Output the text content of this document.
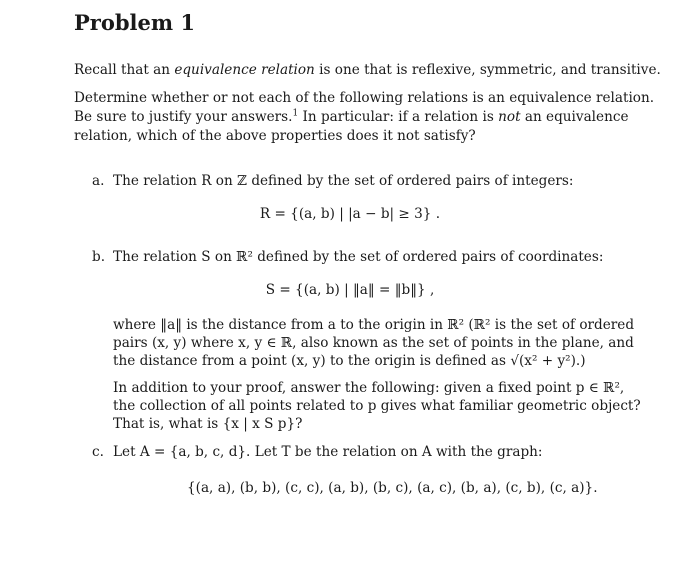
Problem 1
Recall that an equivalence relation is one that is reflexive, symmetric, and transitive.
Determine whether or not each of the following relations is an equivalence relation.
Be sure to justify your answers.$^1$ In particular: if a relation is not an equivalence
relation, which of the above properties does it not satisfy?
a. The relation R on ℤ defined by the set of ordered pairs of integers:
R = {(a, b) | |a − b| ≥ 3} .
b. The relation S on ℝ² defined by the set of ordered pairs of coordinates:
S = {(a, b) | ‖a‖ = ‖b‖} ,
where ‖a‖ is the distance from a to the origin in ℝ² (ℝ² is the set of ordered
pairs (x, y) where x, y ∈ ℝ, also known as the set of points in the plane, and
the distance from a point (x, y) to the origin is defined as √(x² + y²).)
In addition to your proof, answer the following: given a fixed point p ∈ ℝ²,
the collection of all points related to p gives what familiar geometric object?
That is, what is {x | x S p}?
c. Let A = {a, b, c, d}. Let T be the relation on A with the graph:
{(a, a), (b, b), (c, c), (a, b), (b, c), (a, c), (b, a), (c, b), (c, a)}.
